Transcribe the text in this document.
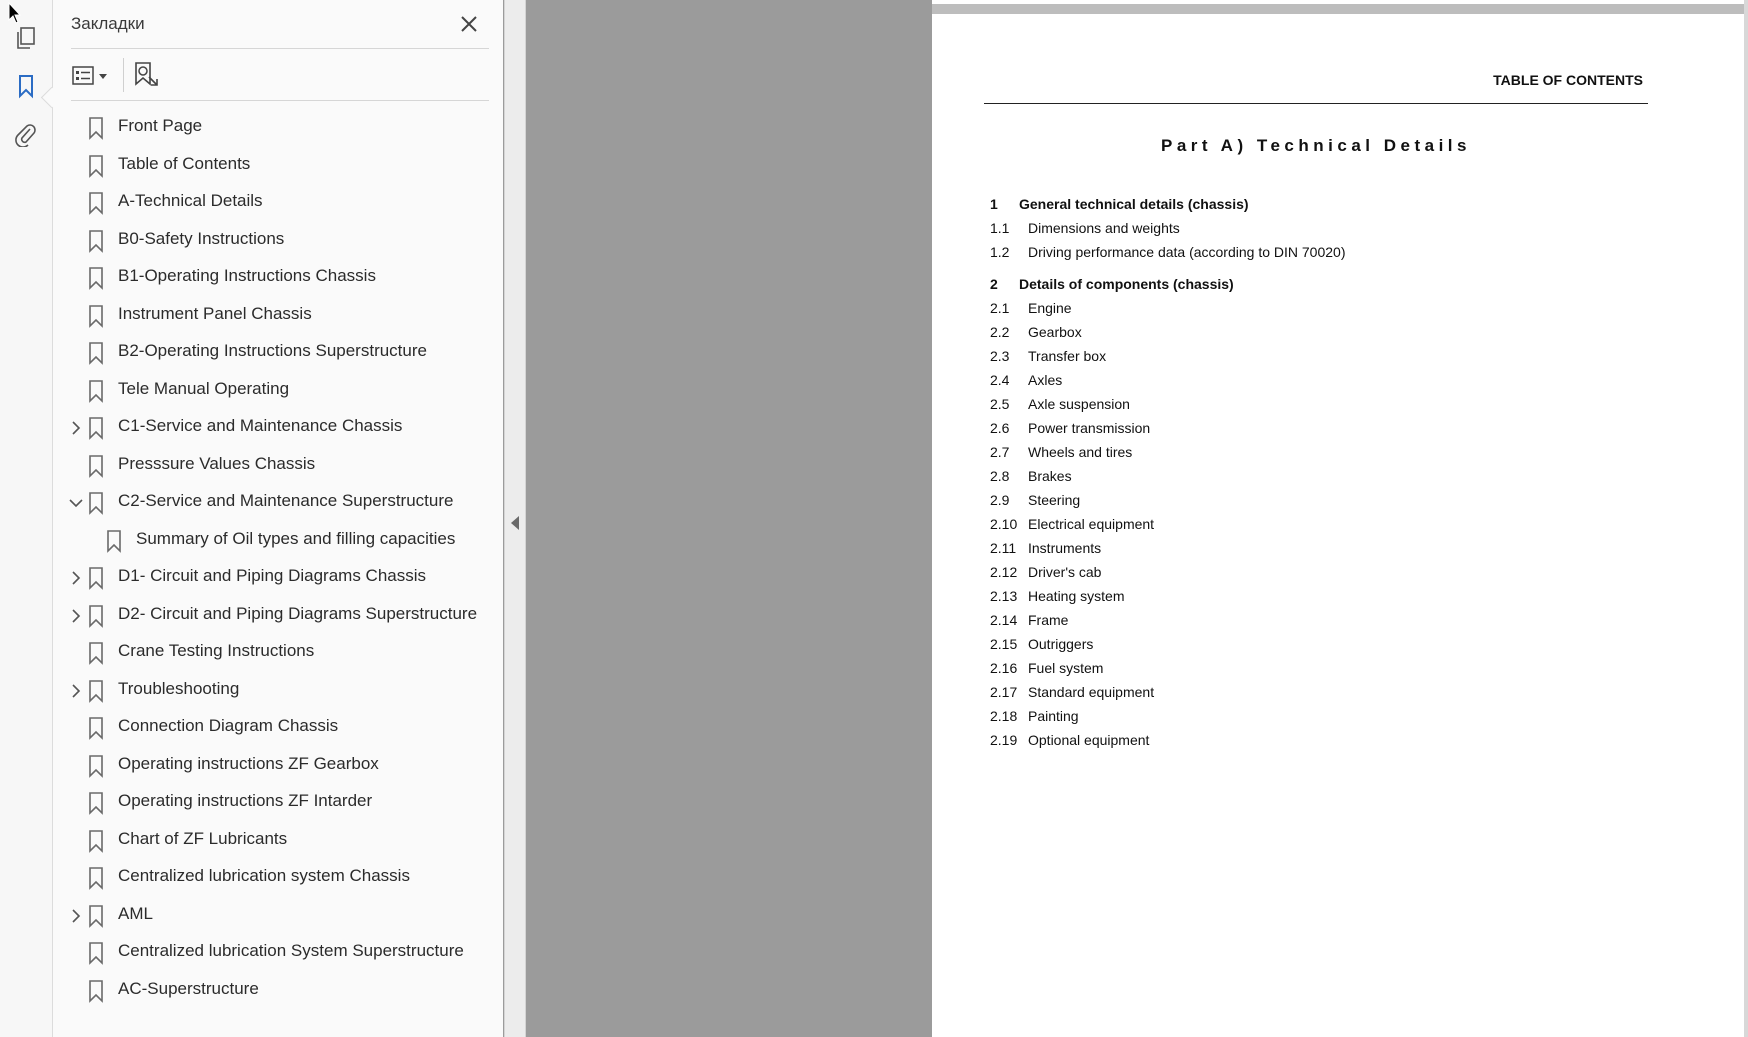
Закладки
Front Page
Table of Contents
A-Technical Details
B0-Safety Instructions
B1-Operating Instructions Chassis
Instrument Panel Chassis
B2-Operating Instructions Superstructure
Tele Manual Operating
C1-Service and Maintenance Chassis
Presssure Values Chassis
C2-Service and Maintenance Superstructure
Summary of Oil types and filling capacities
D1- Circuit and Piping Diagrams Chassis
D2- Circuit and Piping Diagrams Superstructure
Crane Testing Instructions
Troubleshooting
Connection Diagram Chassis
Operating instructions ZF Gearbox
Operating instructions ZF Intarder
Chart of ZF Lubricants
Centralized lubrication system Chassis
AML
Centralized lubrication System Superstructure
AC-Superstructure
TABLE OF CONTENTS
Part A) Technical Details
1 General technical details (chassis)
1.1 Dimensions and weights
1.2 Driving performance data (according to DIN 70020)
2 Details of components (chassis)
2.1 Engine
2.2 Gearbox
2.3 Transfer box
2.4 Axles
2.5 Axle suspension
2.6 Power transmission
2.7 Wheels and tires
2.8 Brakes
2.9 Steering
2.10 Electrical equipment
2.11 Instruments
2.12 Driver's cab
2.13 Heating system
2.14 Frame
2.15 Outriggers
2.16 Fuel system
2.17 Standard equipment
2.18 Painting
2.19 Optional equipment
